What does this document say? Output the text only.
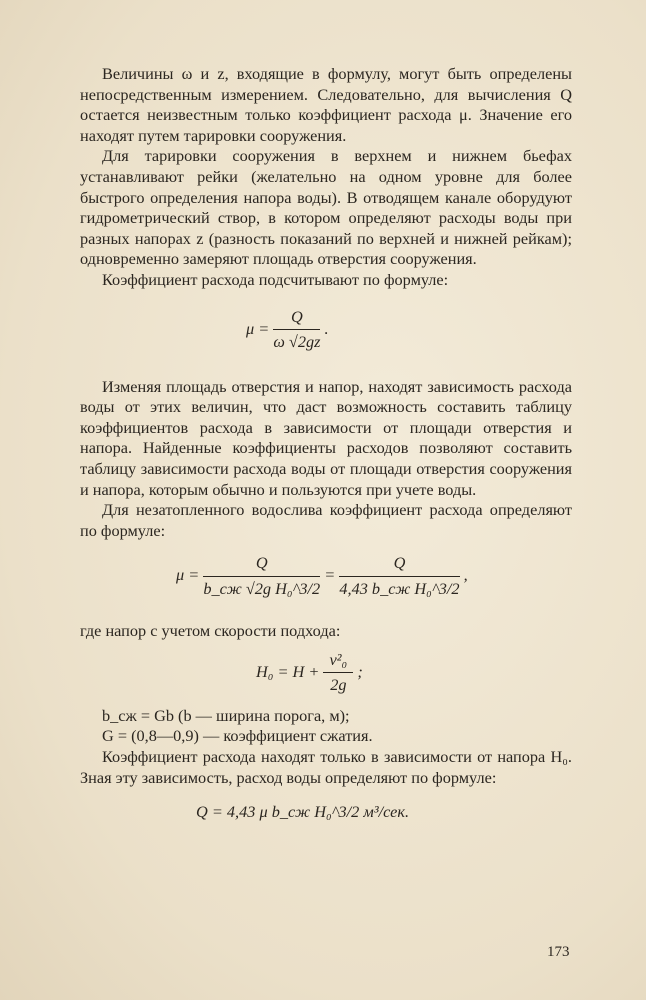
Величины ω и z, входящие в формулу, могут быть определены непосредственным измерением. Следовательно, для вычисления Q остается неизвестным только коэффициент расхода μ. Значение его находят путем тарировки сооружения.

Для тарировки сооружения в верхнем и нижнем бьефах устанавливают рейки (желательно на одном уровне для более быстрого определения напора воды). В отводящем канале оборудуют гидрометрический створ, в котором определяют расходы воды при разных напорах z (разность показаний по верхней и нижней рейкам); одновременно замеряют площадь отверстия сооружения.

Коэффициент расхода подсчитывают по формуле:

$\mu = \frac{Q}{\omega √2gz}$ .

Изменяя площадь отверстия и напор, находят зависимость расхода воды от этих величин, что даст возможность составить таблицу коэффициентов расхода в зависимости от площади отверстия и напора. Найденные коэффициенты расходов позволяют составить таблицу зависимости расхода воды от площади отверстия сооружения и напора, которым обычно и пользуются при учете воды.

Для незатопленного водослива коэффициент расхода определяют по формуле:

$\mu = \frac{Q}{\text{b\_сж √2g H₀\textasciicircum{}3/2}} = \frac{Q}{\text{4,43 b\_сж H₀\textasciicircum{}3/2}}$ ,

где напор с учетом скорости подхода:

$H_0 = H + \frac{\text{v²₀}}{2g}$ ;

b_сж = Gb (b — ширина порога, м);

G = (0,8—0,9) — коэффициент сжатия.

Коэффициент расхода находят только в зависимости от напора H₀. Зная эту зависимость, расход воды определяют по формуле:

Q = 4,43 μ b_сж H₀^3/2 м³/сек.
173
